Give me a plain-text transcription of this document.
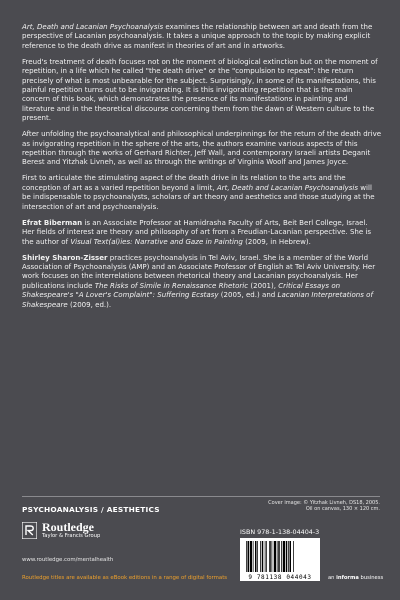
Art, Death and Lacanian Psychoanalysis examines the relationship between art and death from the perspective of Lacanian psychoanalysis. It takes a unique approach to the topic by making explicit reference to the death drive as manifest in theories of art and in artworks.

Freud's treatment of death focuses not on the moment of biological extinction but on the moment of repetition, in a life which he called "the death drive" or the "compulsion to repeat": the return precisely of what is most unbearable for the subject. Surprisingly, in some of its manifestations, this painful repetition turns out to be invigorating. It is this invigorating repetition that is the main concern of this book, which demonstrates the presence of its manifestations in painting and literature and in the theoretical discourse concerning them from the dawn of Western culture to the present.

After unfolding the psychoanalytical and philosophical underpinnings for the return of the death drive as invigorating repetition in the sphere of the arts, the authors examine various aspects of this repetition through the works of Gerhard Richter, Jeff Wall, and contemporary Israeli artists Deganit Berest and Yitzhak Livneh, as well as through the writings of Virginia Woolf and James Joyce.

First to articulate the stimulating aspect of the death drive in its relation to the arts and the conception of art as a varied repetition beyond a limit, Art, Death and Lacanian Psychoanalysis will be indispensable to psychoanalysts, scholars of art theory and aesthetics and those studying at the intersection of art and psychoanalysis.

Efrat Biberman is an Associate Professor at Hamidrasha Faculty of Arts, Beit Berl College, Israel. Her fields of interest are theory and philosophy of art from a Freudian-Lacanian perspective. She is the author of Visual Text(al)ies: Narrative and Gaze in Painting (2009, in Hebrew).

Shirley Sharon-Zisser practices psychoanalysis in Tel Aviv, Israel. She is a member of the World Association of Psychoanalysis (AMP) and an Associate Professor of English at Tel Aviv University. Her work focuses on the interrelations between rhetorical theory and Lacanian psychoanalysis. Her publications include The Risks of Simile in Renaissance Rhetoric (2001), Critical Essays on Shakespeare's "A Lover's Complaint": Suffering Ecstasy (2005, ed.) and Lacanian Interpretations of Shakespeare (2009, ed.).

PSYCHOANALYSIS / AESTHETICS
Routledge
Taylor & Francis Group
www.routledge.com/mentalhealth
Routledge titles are available as eBook editions in a range of digital formats
Cover image: © Yitzhak Livneh, DS18, 2005.
Oil on canvas, 130 × 120 cm.
ISBN 978-1-138-04404-3
9 781138 044043	an informa business
